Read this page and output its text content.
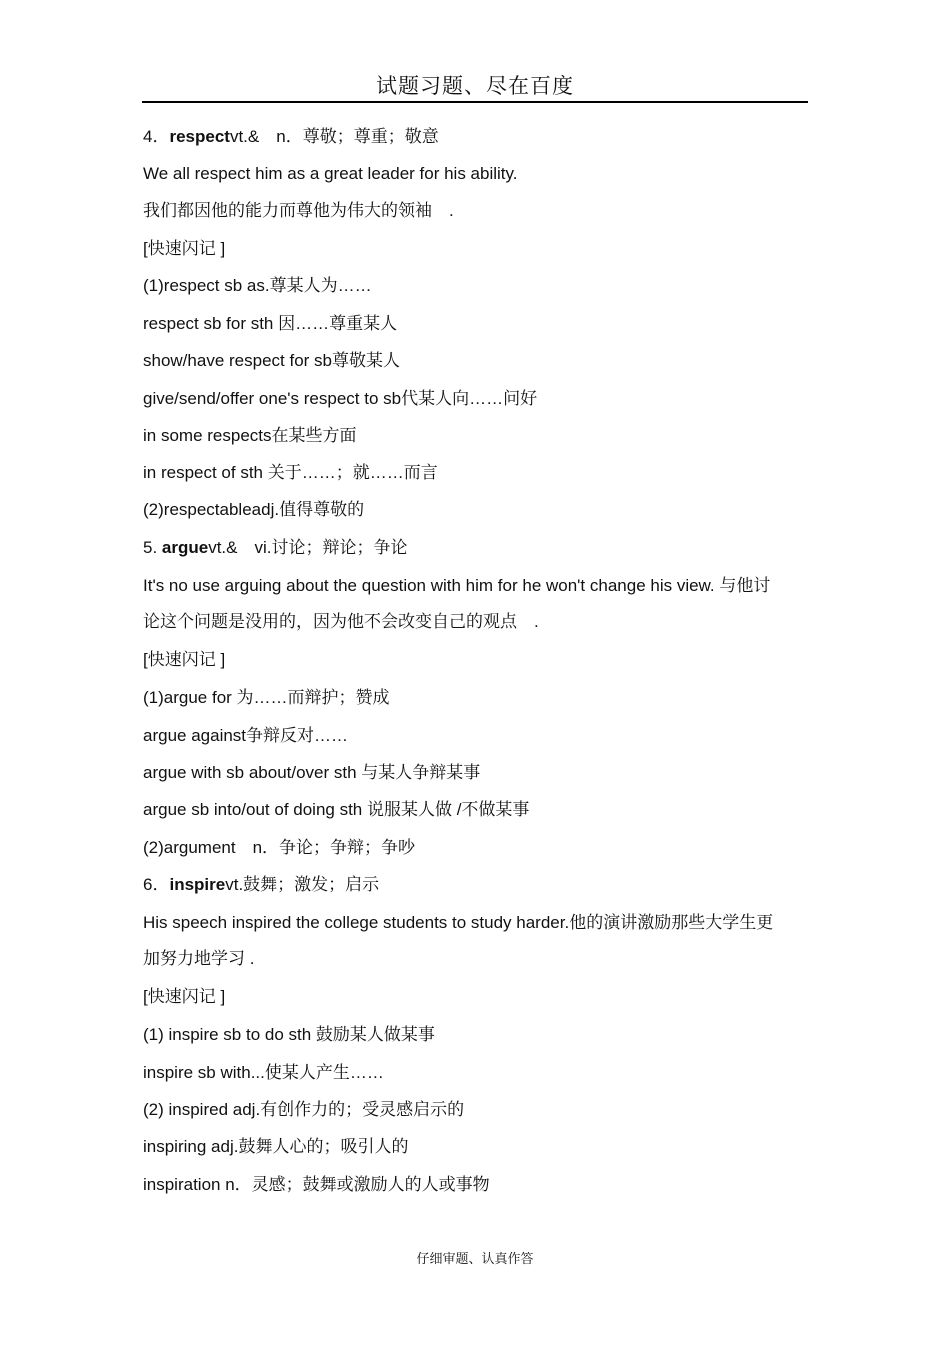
试题习题、尽在百度
4．respectvt.&　n．尊敬；尊重；敬意
We all respect him as a great leader for his ability.
我们都因他的能力而尊他为伟大的领袖　.
[快速闪记 ]
(1)respect sb as.尊某人为……
respect sb for sth 因……尊重某人
show/have respect for sb尊敬某人
give/send/offer one's respect to sb代某人向……问好
in some respects在某些方面
in respect of sth 关于……；就……而言
(2)respectableadj.值得尊敬的
5. arguevt.&　vi.讨论；辩论；争论
It's no use arguing about the question with him for he won't change his view. 与他讨
论这个问题是没用的，因为他不会改变自己的观点　.
[快速闪记 ]
(1)argue for 为……而辩护；赞成
argue against争辩反对……
argue with sb about/over sth 与某人争辩某事
argue sb into/out of doing sth 说服某人做 /不做某事
(2)argument　n．争论；争辩；争吵
6．inspirevt.鼓舞；激发；启示
His speech inspired the college students to study harder.他的演讲激励那些大学生更
加努力地学习 .
[快速闪记 ]
(1) inspire sb to do sth 鼓励某人做某事
inspire sb with...使某人产生……
(2) inspired adj.有创作力的；受灵感启示的
inspiring adj.鼓舞人心的；吸引人的
inspiration n．灵感；鼓舞或激励人的人或事物
仔细审题、认真作答
